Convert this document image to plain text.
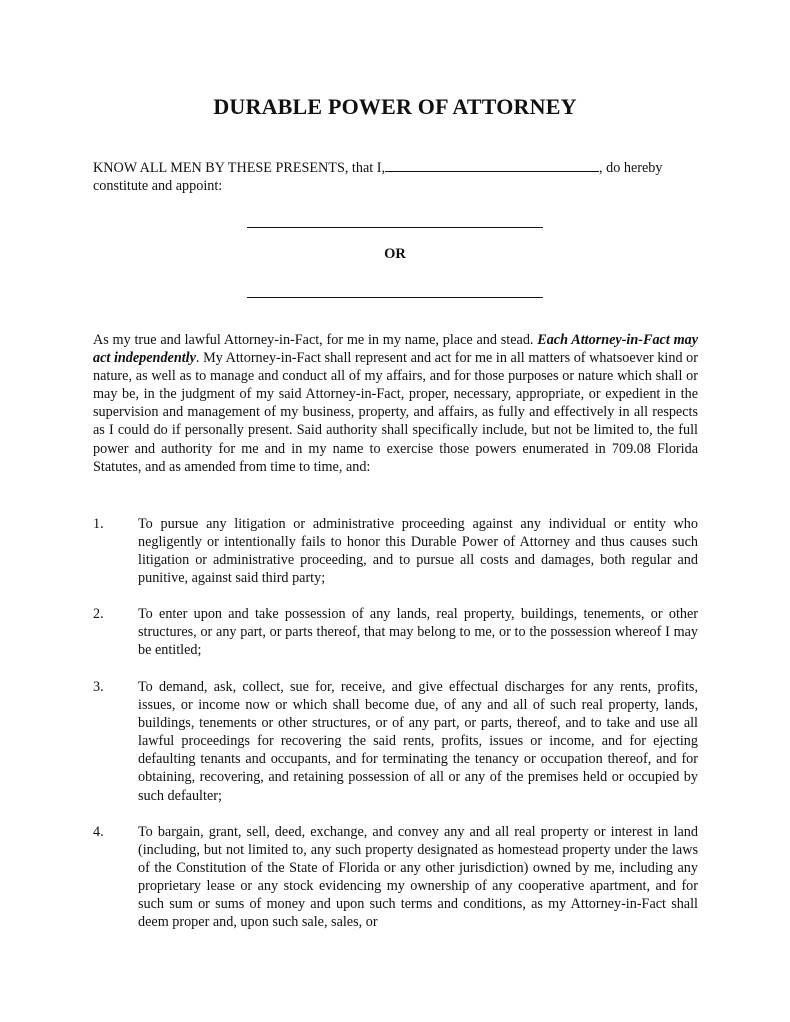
DURABLE POWER OF ATTORNEY
KNOW ALL MEN BY THESE PRESENTS, that I,	, do hereby constitute and appoint:
OR
As my true and lawful Attorney-in-Fact, for me in my name, place and stead. Each Attorney-in-Fact may act independently. My Attorney-in-Fact shall represent and act for me in all matters of whatsoever kind or nature, as well as to manage and conduct all of my affairs, and for those purposes or nature which shall or may be, in the judgment of my said Attorney-in-Fact, proper, necessary, appropriate, or expedient in the supervision and management of my business, property, and affairs, as fully and effectively in all respects as I could do if personally present. Said authority shall specifically include, but not be limited to, the full power and authority for me and in my name to exercise those powers enumerated in 709.08 Florida Statutes, and as amended from time to time, and:
1. To pursue any litigation or administrative proceeding against any individual or entity who negligently or intentionally fails to honor this Durable Power of Attorney and thus causes such litigation or administrative proceeding, and to pursue all costs and damages, both regular and punitive, against said third party;
2. To enter upon and take possession of any lands, real property, buildings, tenements, or other structures, or any part, or parts thereof, that may belong to me, or to the possession whereof I may be entitled;
3. To demand, ask, collect, sue for, receive, and give effectual discharges for any rents, profits, issues, or income now or which shall become due, of any and all of such real property, lands, buildings, tenements or other structures, or of any part, or parts, thereof, and to take and use all lawful proceedings for recovering the said rents, profits, issues or income, and for ejecting defaulting tenants and occupants, and for terminating the tenancy or occupation thereof, and for obtaining, recovering, and retaining possession of all or any of the premises held or occupied by such defaulter;
4. To bargain, grant, sell, deed, exchange, and convey any and all real property or interest in land (including, but not limited to, any such property designated as homestead property under the laws of the Constitution of the State of Florida or any other jurisdiction) owned by me, including any proprietary lease or any stock evidencing my ownership of any cooperative apartment, and for such sum or sums of money and upon such terms and conditions, as my Attorney-in-Fact shall deem proper and, upon such sale, sales, or
